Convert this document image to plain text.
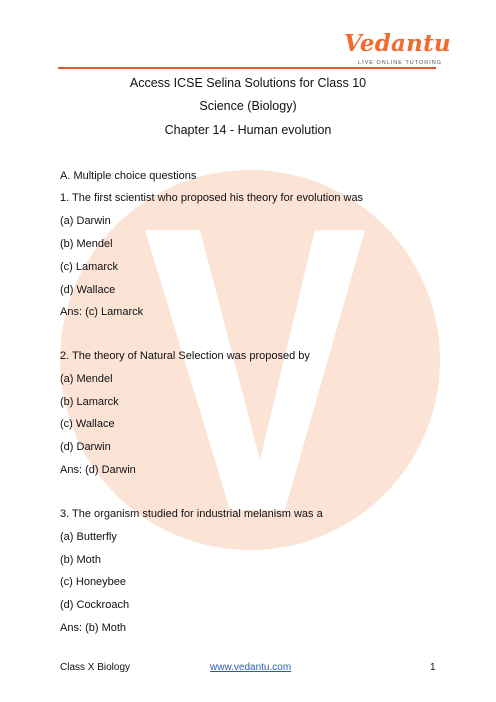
Vedantu
LIVE ONLINE TUTORING
Access ICSE Selina Solutions for Class 10
Science (Biology)
Chapter 14 - Human evolution
A. Multiple choice questions
1. The first scientist who proposed his theory for evolution was
(a) Darwin
(b) Mendel
(c) Lamarck
(d) Wallace
Ans: (c) Lamarck
2. The theory of Natural Selection was proposed by
(a) Mendel
(b) Lamarck
(c) Wallace
(d) Darwin
Ans: (d) Darwin
3. The organism studied for industrial melanism was a
(a) Butterfly
(b) Moth
(c) Honeybee
(d) Cockroach
Ans: (b) Moth
Class X Biology	www.vedantu.com	1
